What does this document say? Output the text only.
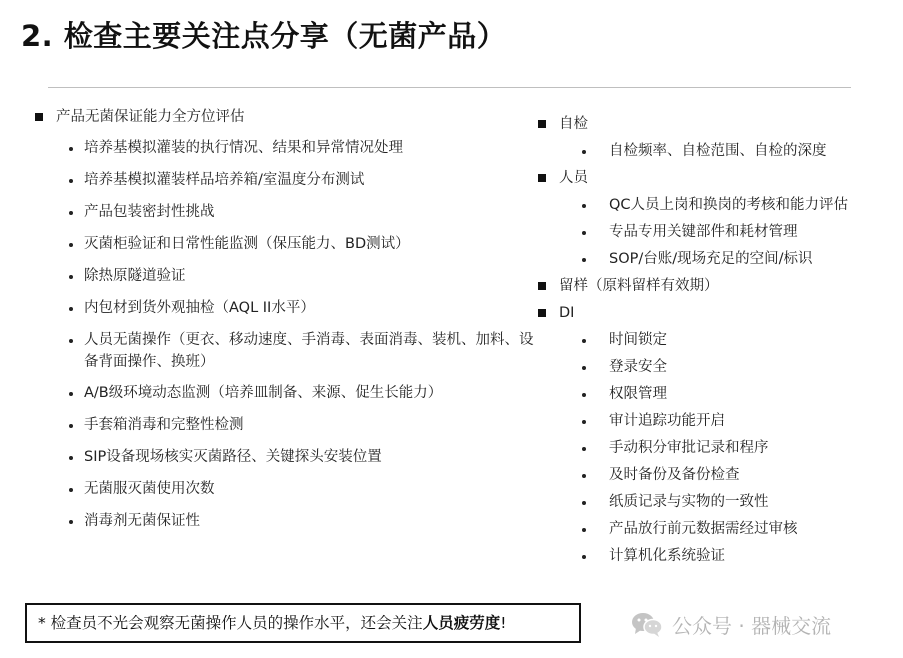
2. 检查主要关注点分享（无菌产品）
产品无菌保证能力全方位评估
培养基模拟灌装的执行情况、结果和异常情况处理
培养基模拟灌装样品培养箱/室温度分布测试
产品包装密封性挑战
灭菌柜验证和日常性能监测（保压能力、BD测试）
除热原隧道验证
内包材到货外观抽检（AQL II水平）
人员无菌操作（更衣、移动速度、手消毒、表面消毒、装机、加料、设备背面操作、换班）
A/B级环境动态监测（培养皿制备、来源、促生长能力）
手套箱消毒和完整性检测
SIP设备现场核实灭菌路径、关键探头安装位置
无菌服灭菌使用次数
消毒剂无菌保证性
自检
自检频率、自检范围、自检的深度
人员
QC人员上岗和换岗的考核和能力评估
专品专用关键部件和耗材管理
SOP/台账/现场充足的空间/标识
留样（原料留样有效期）
DI
时间锁定
登录安全
权限管理
审计追踪功能开启
手动积分审批记录和程序
及时备份及备份检查
纸质记录与实物的一致性
产品放行前元数据需经过审核
计算机化系统验证
* 检查员不光会观察无菌操作人员的操作水平，还会关注人员疲劳度!	公众号 · 器械交流
